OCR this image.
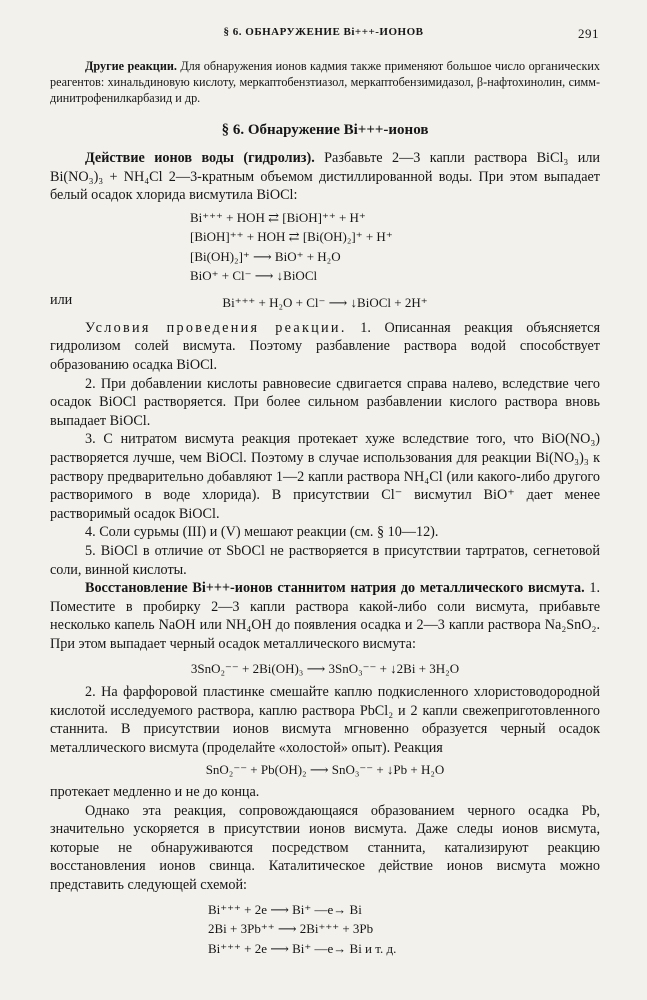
§ 6. ОБНАРУЖЕНИЕ Bi+++-ИОНОВ	291

Другие реакции. Для обнаружения ионов кадмия также применяют большое число органических реагентов: хинальдиновую кислоту, меркаптобензтиазол, меркаптобензимидазол, β-нафтохинолин, симм-динитрофенилкарбазид и др.

§ 6. Обнаружение Bi+++-ионов

Действие ионов воды (гидролиз). Разбавьте 2—3 капли раствора BiCl₃ или Bi(NO₃)₃ + NH₄Cl 2—3-кратным объемом дистиллированной воды. При этом выпадает белый осадок хлорида висмутила BiOCl:

Bi⁺⁺⁺ + HOH ⇄ [BiOH]⁺⁺ + H⁺
[BiOH]⁺⁺ + HOH ⇄ [Bi(OH)₂]⁺ + H⁺
[Bi(OH)₂]⁺ ⟶ BiO⁺ + H₂O
BiO⁺ + Cl⁻ ⟶ ↓BiOCl
или	Bi⁺⁺⁺ + H₂O + Cl⁻ ⟶ ↓BiOCl + 2H⁺

Условия проведения реакции. 1. Описанная реакция объясняется гидролизом солей висмута. Поэтому разбавление раствора водой способствует образованию осадка BiOCl.

2. При добавлении кислоты равновесие сдвигается справа налево, вследствие чего осадок BiOCl растворяется. При более сильном разбавлении кислого раствора вновь выпадает BiOCl.

3. С нитратом висмута реакция протекает хуже вследствие того, что BiO(NO₃) растворяется лучше, чем BiOCl. Поэтому в случае использования для реакции Bi(NO₃)₃ к раствору предварительно добавляют 1—2 капли раствора NH₄Cl (или какого-либо другого растворимого в воде хлорида). В присутствии Cl⁻ висмутил BiO⁺ дает менее растворимый осадок BiOCl.

4. Соли сурьмы (III) и (V) мешают реакции (см. § 10—12).

5. BiOCl в отличие от SbOCl не растворяется в присутствии тартратов, сегнетовой соли, винной кислоты.

Восстановление Bi+++-ионов станнитом натрия до металлического висмута. 1. Поместите в пробирку 2—3 капли раствора какой-либо соли висмута, прибавьте несколько капель NaOH или NH₄OH до появления осадка и 2—3 капли раствора Na₂SnO₂. При этом выпадает черный осадок металлического висмута:

3SnO₂⁻⁻ + 2Bi(OH)₃ ⟶ 3SnO₃⁻⁻ + ↓2Bi + 3H₂O

2. На фарфоровой пластинке смешайте каплю подкисленного хлористоводородной кислотой исследуемого раствора, каплю раствора PbCl₂ и 2 капли свежеприготовленного станнита. В присутствии ионов висмута мгновенно образуется черный осадок металлического висмута (проделайте «холостой» опыт). Реакция

SnO₂⁻⁻ + Pb(OH)₂ ⟶ SnO₃⁻⁻ + ↓Pb + H₂O

протекает медленно и не до конца.

Однако эта реакция, сопровождающаяся образованием черного осадка Pb, значительно ускоряется в присутствии ионов висмута. Даже следы ионов висмута, которые не обнаруживаются посредством станнита, катализируют реакцию восстановления ионов свинца. Каталитическое действие ионов висмута можно представить следующей схемой:

Bi⁺⁺⁺ + 2e ⟶ Bi⁺ —e→ Bi
2Bi + 3Pb⁺⁺ ⟶ 2Bi⁺⁺⁺ + 3Pb
Bi⁺⁺⁺ + 2e ⟶ Bi⁺ —e→ Bi и т. д.
